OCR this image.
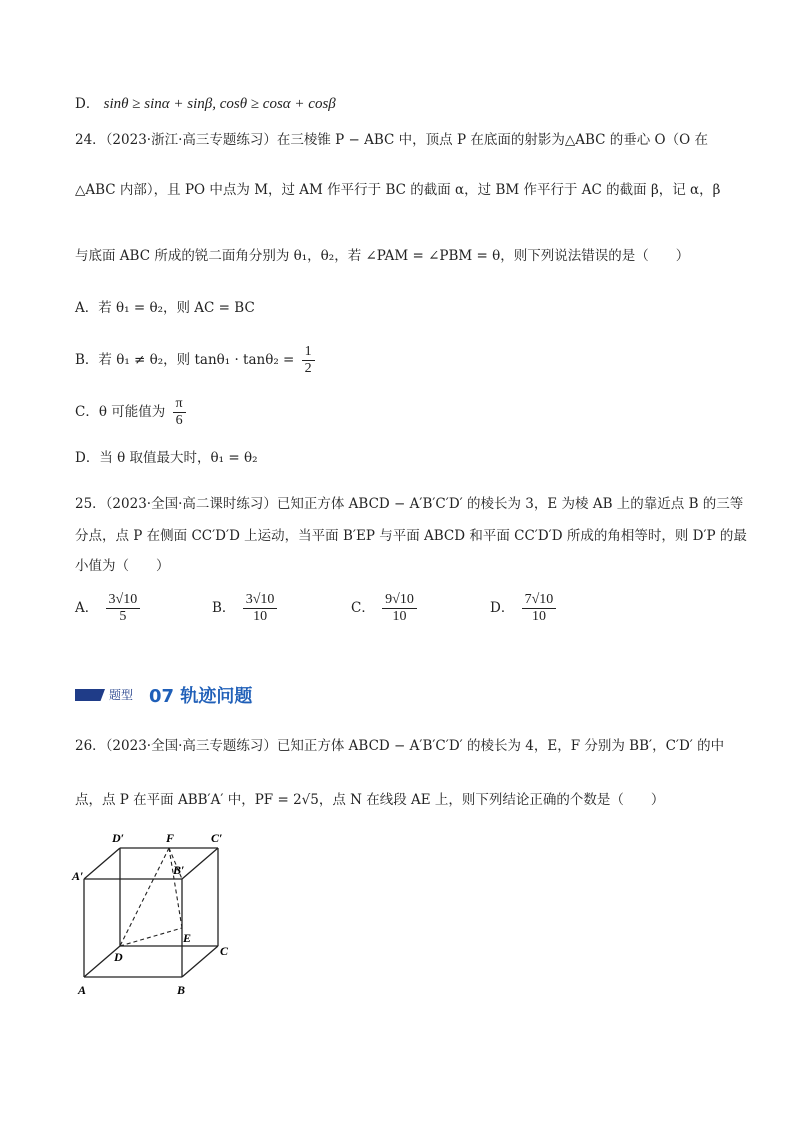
D． sinθ ≥ sinα + sinβ, cosθ ≥ cosα + cosβ
24．（2023·浙江·高三专题练习）在三棱锥 P − ABC 中，顶点 P 在底面的射影为△ABC 的垂心 O（O 在
△ABC 内部），且 PO 中点为 M，过 AM 作平行于 BC 的截面 α，过 BM 作平行于 AC 的截面 β，记 α，β
与底面 ABC 所成的锐二面角分别为 θ₁，θ₂，若 ∠PAM = ∠PBM = θ，则下列说法错误的是（　　）
A．若 θ₁ = θ₂，则 AC = BC
B．若 θ₁ ≠ θ₂，则 $\tan\theta_1 \cdot \tan\theta_2 = \frac{1}{2}$
C．θ 可能值为 $\frac{\pi}{6}$
D．当 θ 取值最大时，θ₁ = θ₂
25．（2023·全国·高二课时练习）已知正方体 ABCD − A′B′C′D′ 的棱长为 3，E 为棱 AB 上的靠近点 B 的三等
分点，点 P 在侧面 CC′D′D 上运动，当平面 B′EP 与平面 ABCD 和平面 CC′D′D 所成的角相等时，则 D′P 的最
小值为（　　）
A． $\frac{3√10}{5}$	B． $\frac{3√10}{10}$	C． $\frac{9√10}{10}$	D． $\frac{7√10}{10}$
题型 07 轨迹问题
26．（2023·全国·高三专题练习）已知正方体 ABCD − A′B′C′D′ 的棱长为 4，E，F 分别为 BB′，C′D′ 的中
点，点 P 在平面 ABB′A′ 中，PF = 2√5，点 N 在线段 AE 上，则下列结论正确的个数是（　　）
D′	F	C′
A′	B′
E
D	C
A	B
